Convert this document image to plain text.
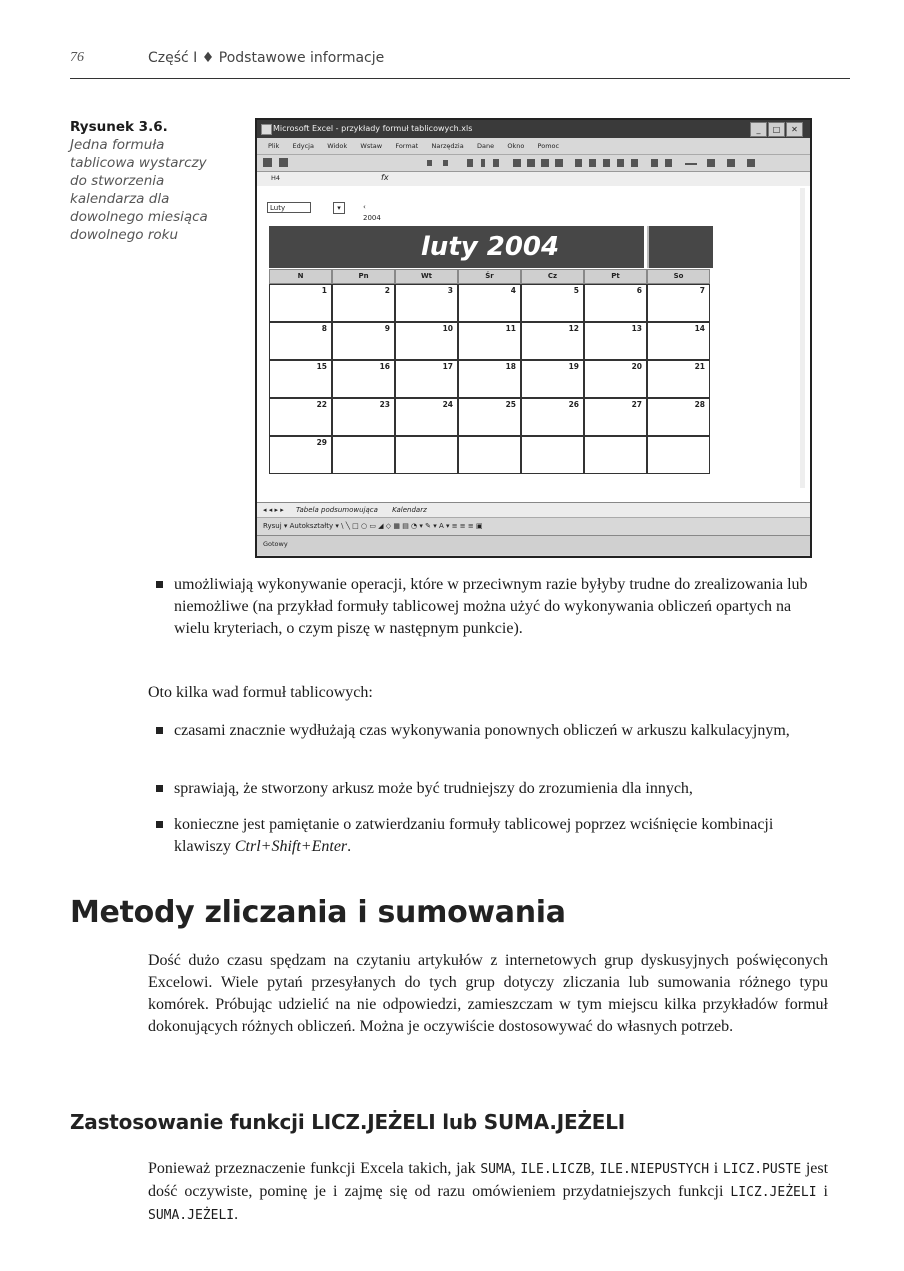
76	Część I ♦ Podstawowe informacje
Rysunek 3.6.
Jedna formuła tablicowa wystarczy do stworzenia kalendarza dla dowolnego miesiąca dowolnego roku
Microsoft Excel - przykłady formuł tablicowych.xls	_	□	✕
Plik Edycja Widok Wstaw Format Narzędzia Dane Okno Pomoc
H4	fx
Luty	▾	‹ 2004
luty 2004
N	Pn	Wt	Śr	Cz	Pt	So
1	2	3	4	5	6	7
8	9	10	11	12	13	14
15	16	17	18	19	20	21
22	23	24	25	26	27	28
29
◂ ◂ ▸ ▸ Tabela podsumowująca Kalendarz
Rysuj ▾ Autokształty ▾ \ ╲ □ ○ ▭ ◢ ◇ ▦ ▤ ◔ ▾ ✎ ▾ A ▾ ≡ ≡ ≡ ▣
Gotowy
umożliwiają wykonywanie operacji, które w przeciwnym razie byłyby trudne do zrealizowania lub niemożliwe (na przykład formuły tablicowej można użyć do wykonywania obliczeń opartych na wielu kryteriach, o czym piszę w następnym punkcie).
Oto kilka wad formuł tablicowych:
czasami znacznie wydłużają czas wykonywania ponownych obliczeń w arkuszu kalkulacyjnym,
sprawiają, że stworzony arkusz może być trudniejszy do zrozumienia dla innych,
konieczne jest pamiętanie o zatwierdzaniu formuły tablicowej poprzez wciśnięcie kombinacji klawiszy Ctrl+Shift+Enter.
Metody zliczania i sumowania
Dość dużo czasu spędzam na czytaniu artykułów z internetowych grup dyskusyjnych poświęconych Excelowi. Wiele pytań przesyłanych do tych grup dotyczy zliczania lub sumowania różnego typu komórek. Próbując udzielić na nie odpowiedzi, zamieszczam w tym miejscu kilka przykładów formuł dokonujących różnych obliczeń. Można je oczywiście dostosowywać do własnych potrzeb.
Zastosowanie funkcji LICZ.JEŻELI lub SUMA.JEŻELI
Ponieważ przeznaczenie funkcji Excela takich, jak SUMA, ILE.LICZB, ILE.NIEPUSTYCH i LICZ.PUSTE jest dość oczywiste, pominę je i zajmę się od razu omówieniem przydatniejszych funkcji LICZ.JEŻELI i SUMA.JEŻELI.
